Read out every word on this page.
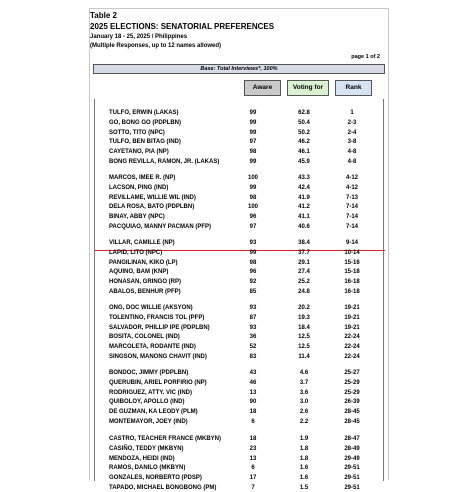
Table 2
2025 ELECTIONS: SENATORIAL PREFERENCES
January 18 - 25, 2025 / Philippines
(Multiple Responses, up to 12 names allowed)
page 1 of 2
Base: Total Interviews*, 100%
Aware	Voting for	Rank
TULFO, ERWIN (LAKAS)	99	62.8	1
GO, BONG GO (PDPLBN)	99	50.4	2-3
SOTTO, TITO (NPC)	99	50.2	2-4
TULFO, BEN BITAG (IND)	97	46.2	3-8
CAYETANO, PIA (NP)	98	46.1	4-8
BONG REVILLA, RAMON, JR. (LAKAS)	99	45.9	4-8
MARCOS, IMEE R. (NP)	100	43.3	4-12
LACSON, PING (IND)	99	42.4	4-12
REVILLAME, WILLIE WIL (IND)	98	41.9	7-13
DELA ROSA, BATO (PDPLBN)	100	41.2	7-14
BINAY, ABBY (NPC)	96	41.1	7-14
PACQUIAO, MANNY PACMAN (PFP)	97	40.6	7-14
VILLAR, CAMILLE (NP)	93	38.4	9-14
LAPID, LITO (NPC)	99	37.7	10-14
PANGILINAN, KIKO (LP)	98	29.1	15-16
AQUINO, BAM (KNP)	96	27.4	15-18
HONASAN, GRINGO (RP)	92	25.2	16-18
ABALOS, BENHUR (PFP)	85	24.8	16-18
ONG, DOC WILLIE (AKSYON)	93	20.2	19-21
TOLENTINO, FRANCIS TOL (PFP)	87	19.3	19-21
SALVADOR, PHILLIP IPE (PDPLBN)	93	18.4	19-21
BOSITA, COLONEL (IND)	36	12.5	22-24
MARCOLETA, RODANTE (IND)	52	12.5	22-24
SINGSON, MANONG CHAVIT (IND)	83	11.4	22-24
BONDOC, JIMMY (PDPLBN)	43	4.6	25-27
QUERUBIN, ARIEL PORFIRIO (NP)	46	3.7	25-29
RODRIGUEZ, ATTY. VIC (IND)	13	3.6	25-29
QUIBOLOY, APOLLO (IND)	90	3.0	26-39
DE GUZMAN, KA LEODY (PLM)	18	2.6	28-45
MONTEMAYOR, JOEY (IND)	6	2.2	28-45
CASTRO, TEACHER FRANCE (MKBYN)	18	1.9	28-47
CASIÑO, TEDDY (MKBYN)	23	1.8	28-49
MENDOZA, HEIDI (IND)	13	1.8	29-49
RAMOS, DANILO (MKBYN)	6	1.6	29-51
GONZALES, NORBERTO (PDSP)	17	1.6	29-51
TAPADO, MICHAEL BONGBONG (PM)	7	1.5	29-51
